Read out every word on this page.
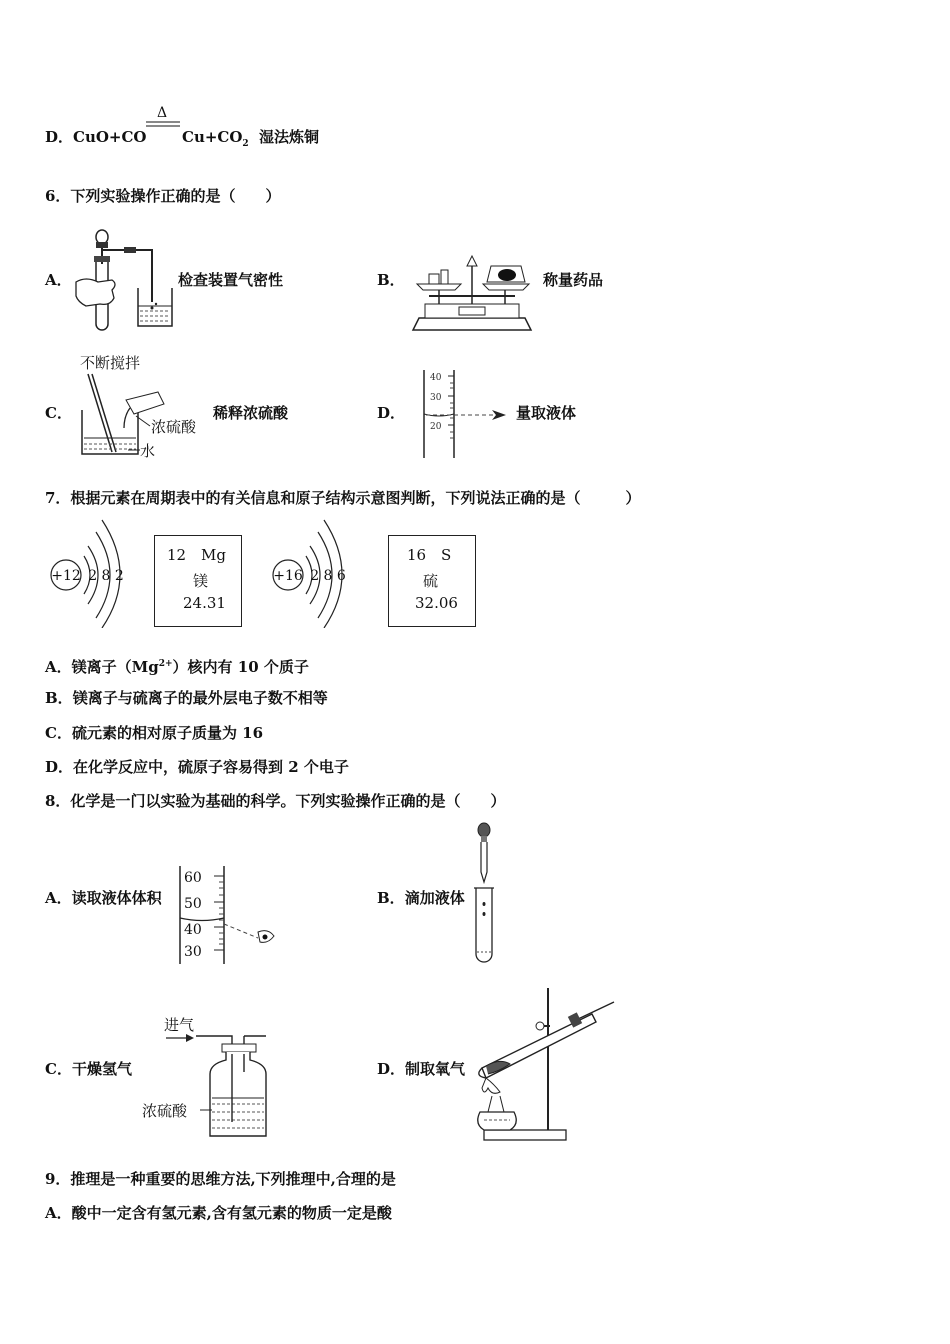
D．CuO+CO
Δ
$Cu+CO_2$ 湿法炼铜
6．下列实验操作正确的是（　　）
A．	检查装置气密性	B．	称量药品
C．
不断搅拌
浓硫酸
水
稀释浓硫酸	D．
40
30
20
量取液体
7．根据元素在周期表中的有关信息和原子结构示意图判断，下列说法正确的是（　　　）
+12 2 8 2
12 Mg
镁
24.31
+16 2 8 6
16 S
硫
32.06
A．镁离子$(Mg^{2+})$核内有 10 个质子
B．镁离子与硫离子的最外层电子数不相等
C．硫元素的相对原子质量为 16
D．在化学反应中，硫原子容易得到 2 个电子
8．化学是一门以实验为基础的科学。下列实验操作正确的是（　　）
A．读取液体体积
60
50
40
30
B．滴加液体
C．干燥氢气
进气
浓硫酸
D．制取氧气
9．推理是一种重要的思维方法,下列推理中,合理的是
A．酸中一定含有氢元素,含有氢元素的物质一定是酸
